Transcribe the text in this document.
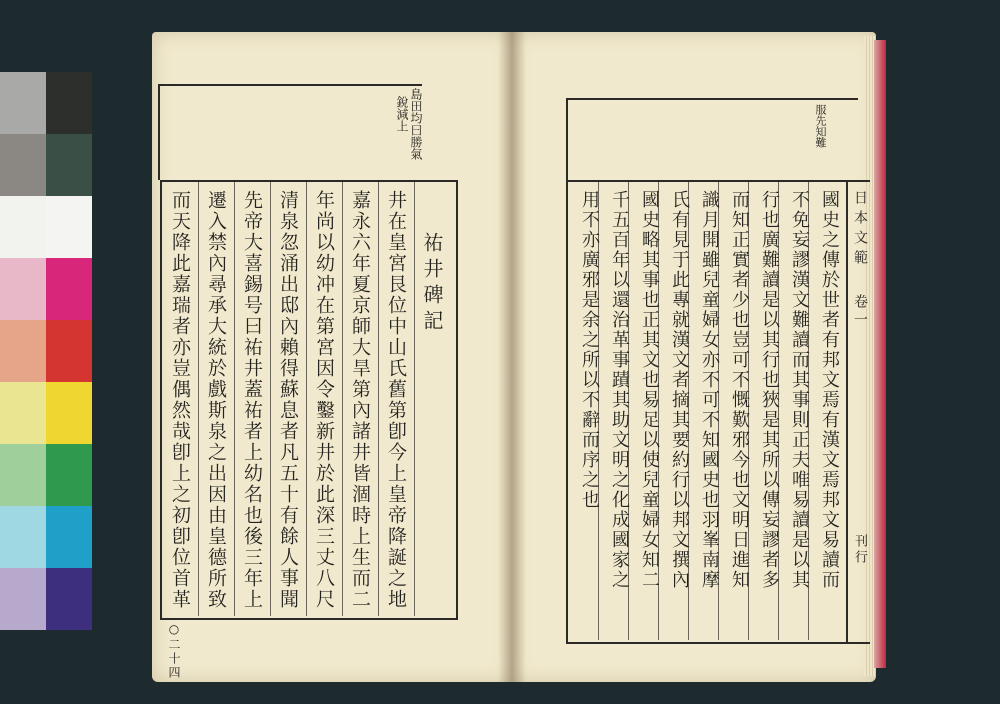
島田均曰勝氣
銳減上
祐井碑記
井在皇宮艮位中山氏舊第卽今上皇帝降誕之地
嘉永六年夏京師大旱第內諸井皆涸時上生而二
年尚以幼冲在第宮因令鑿新井於此深三丈八尺
清泉忽涌出邸內賴得蘇息者凡五十有餘人事聞
先帝大喜錫号曰祐井蓋祐者上幼名也後三年上
遷入禁內尋承大統於戲斯泉之出因由皇德所致
而天降此嘉瑞者亦豈偶然哉卽上之初卽位首革
○二十四
服先知難
國史之傳於世者有邦文焉有漢文焉邦文易讀而
不免妄謬漢文難讀而其事則正夫唯易讀是以其
行也廣難讀是以其行也狹是其所以傳妄謬者多
而知正實者少也豈可不慨歎邪今也文明日進知
識月開雖兒童婦女亦不可不知國史也羽峯南摩
氏有見于此專就漢文者摘其要約行以邦文撰內
國史略其事也正其文也易足以使兒童婦女知二
千五百年以還治革事蹟其助文明之化成國家之
用不亦廣邪是余之所以不辭而序之也	日本文範
卷一
刊行
